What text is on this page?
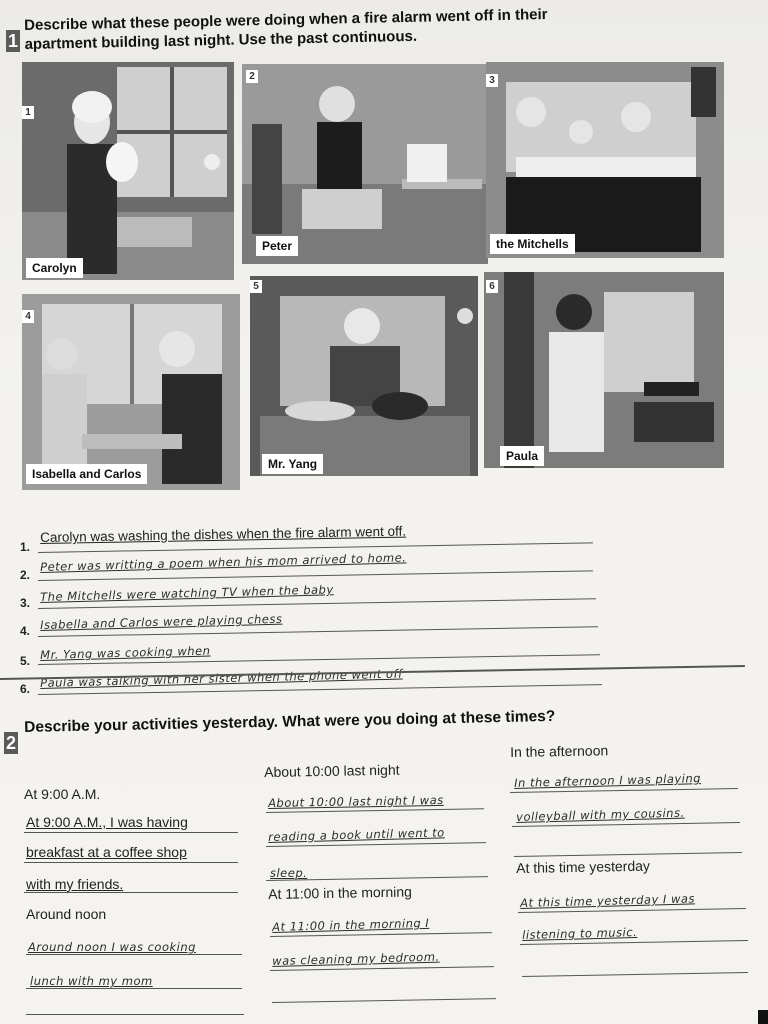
1
Describe what these people were doing when a fire alarm went off in their
apartment building last night. Use the past continuous.
Carolyn
1
Peter
2
the Mitchells
3
Isabella and Carlos
4
Mr. Yang
5
Paula
6
1.
Carolyn was washing the dishes when the fire alarm went off.
2.
Peter was writting a poem when his mom arrived to home.
3. The Mitchells were watching TV when the baby
4. Isabella and Carlos were playing chess
5. Mr. Yang was cooking when
6. Paula was talking with her sister when the phone went off
2
Describe your activities yesterday. What were you doing at these times?
At 9:00 A.M.
At 9:00 A.M., I was having
breakfast at a coffee shop
with my friends.
Around noon
Around noon I was cooking
lunch with my mom
About 10:00 last night
About 10:00 last night I was
reading a book until went to
sleep.
At 11:00 in the morning
At 11:00 in the morning I
was cleaning my bedroom.
In the afternoon
In the afternoon I was playing
volleyball with my cousins.
At this time yesterday
At this time yesterday I was
listening to music.
